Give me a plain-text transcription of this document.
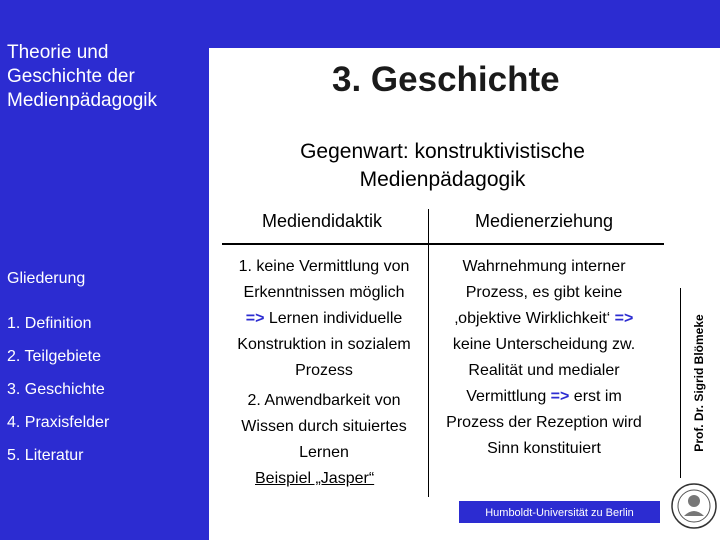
Theorie und Geschichte der Medienpädagogik
Gliederung
1. Definition
2. Teilgebiete
3. Geschichte
4. Praxisfelder
5. Literatur
3. Geschichte
Gegenwart: konstruktivistische
Medienpädagogik
Mediendidaktik	Medienerziehung
1. keine Vermittlung von
Erkenntnissen möglich
=> Lernen individuelle
Konstruktion in sozialem
Prozess
2. Anwendbarkeit von
Wissen durch situiertes
Lernen
Wahrnehmung interner
Prozess, es gibt keine
‚objektive Wirklichkeit‘ =>
keine Unterscheidung zw.
Realität und medialer
Vermittlung => erst im
Prozess der Rezeption wird
Sinn konstituiert
Beispiel „Jasper“
Humboldt-Universität zu Berlin
Prof. Dr. Sigrid Blömeke
